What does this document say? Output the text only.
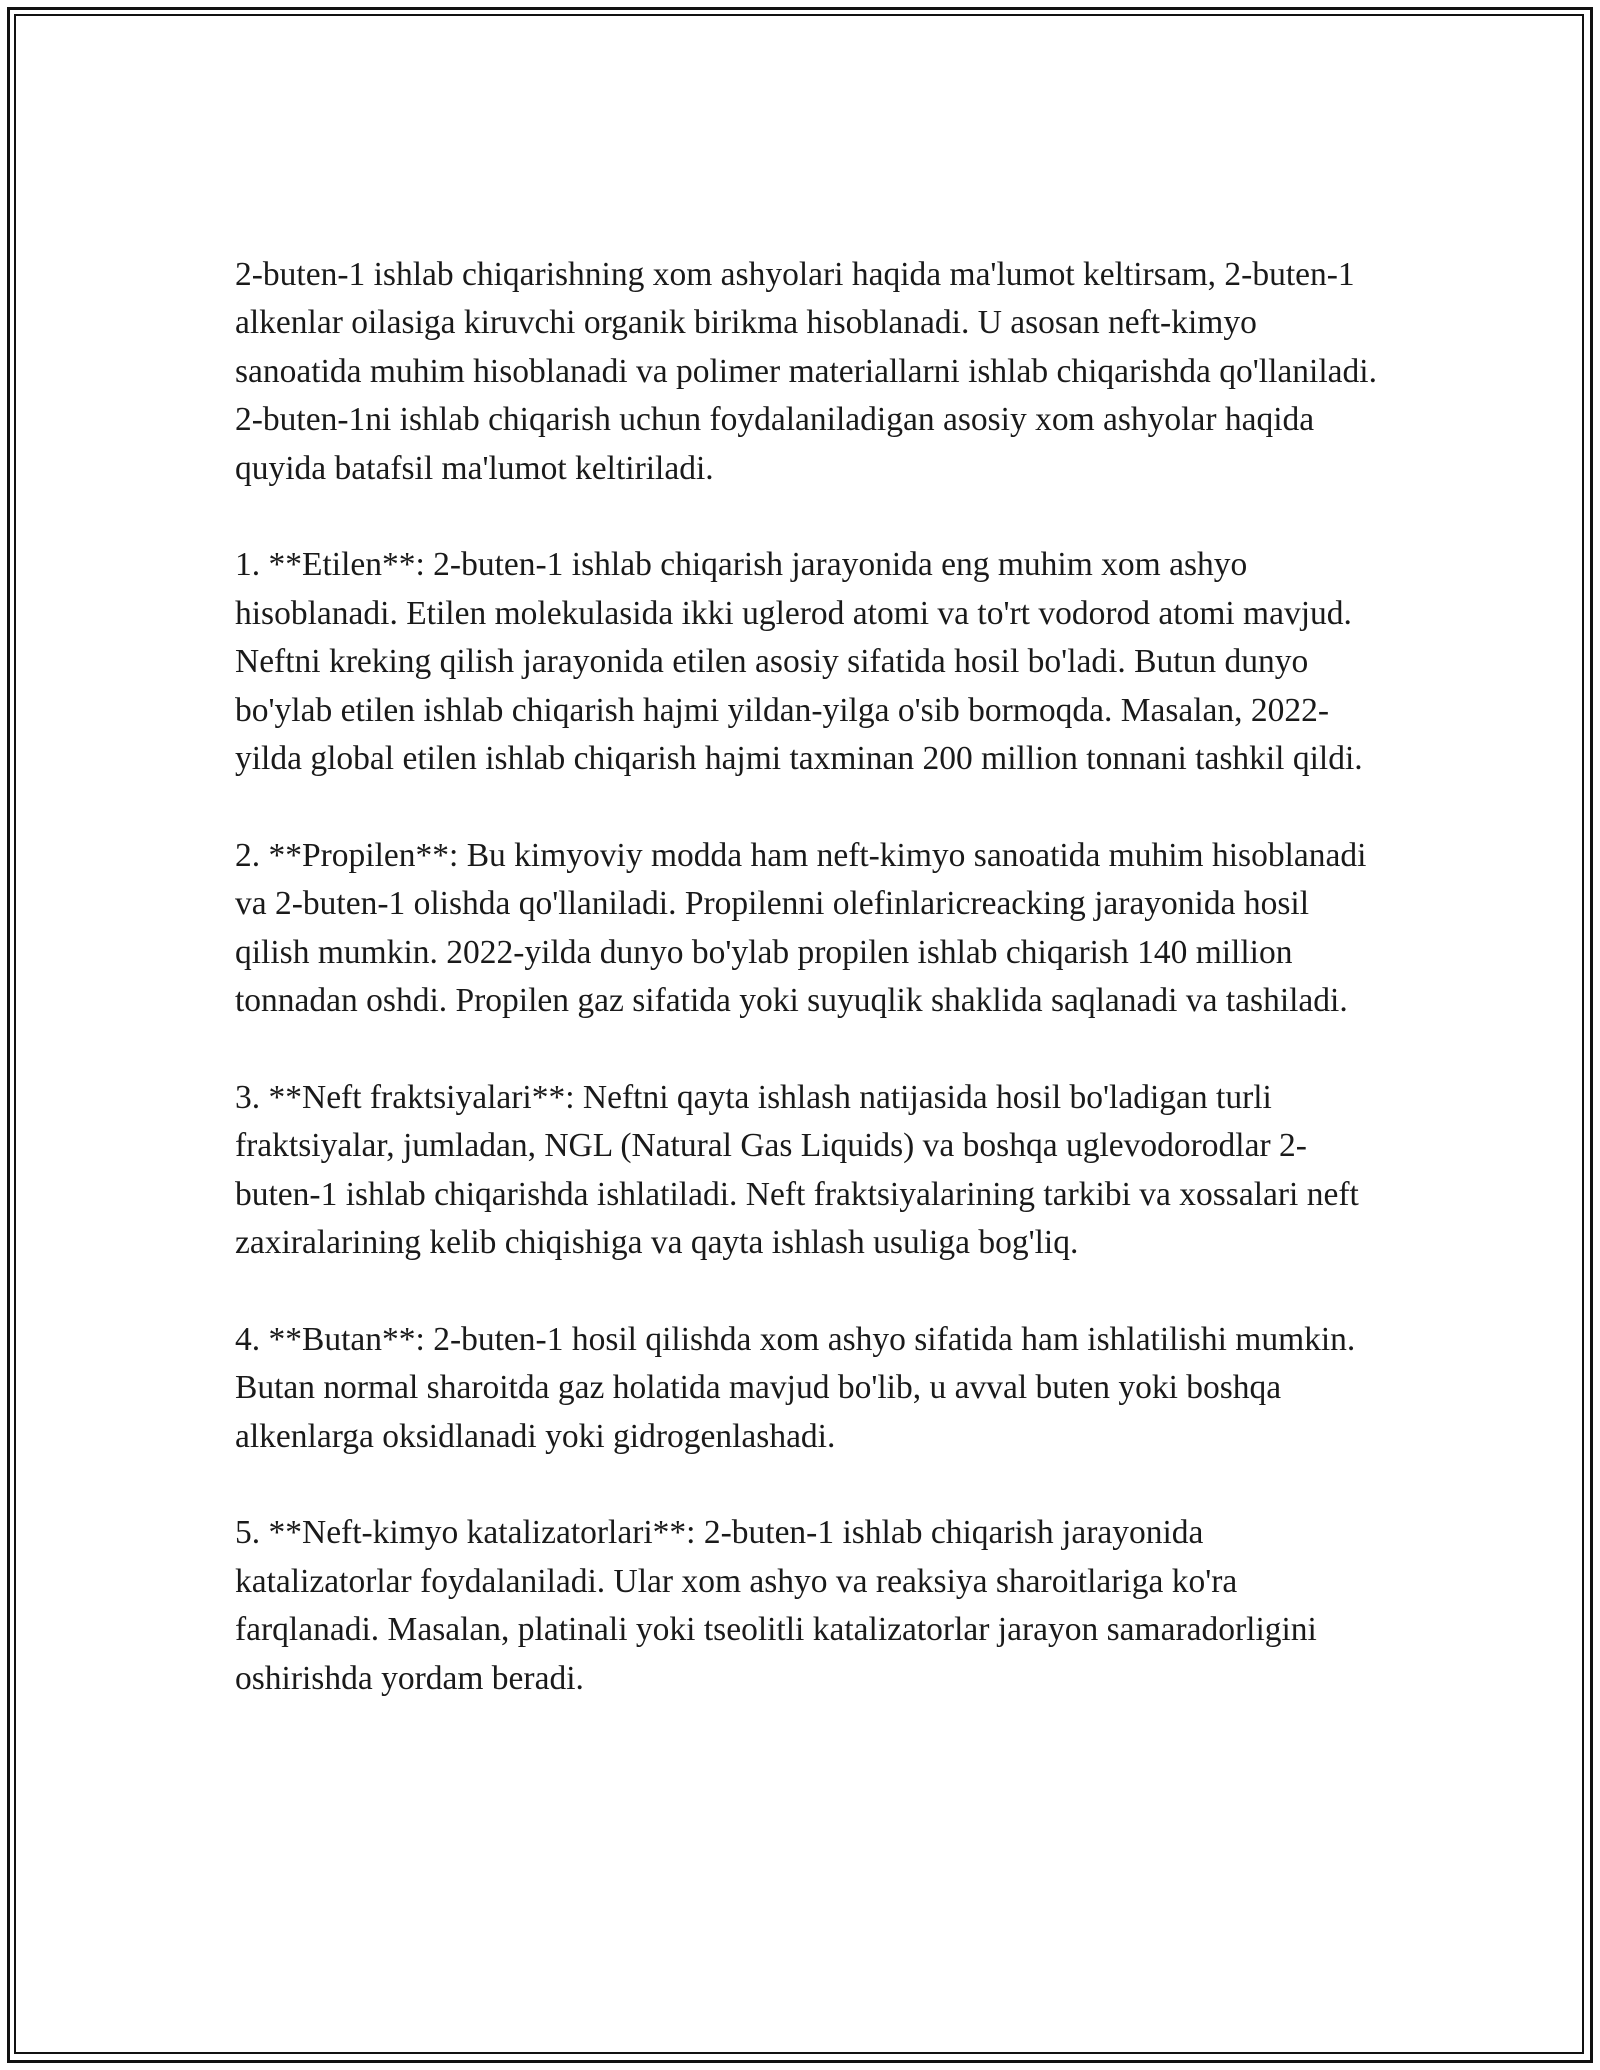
2-buten-1 ishlab chiqarishning xom ashyolari haqida ma'lumot keltirsam, 2-buten-1 alkenlar oilasiga kiruvchi organik birikma hisoblanadi. U asosan neft-kimyo sanoatida muhim hisoblanadi va polimer materiallarni ishlab chiqarishda qo'llaniladi. 2-buten-1ni ishlab chiqarish uchun foydalaniladigan asosiy xom ashyolar haqida quyida batafsil ma'lumot keltiriladi.

1. **Etilen**: 2-buten-1 ishlab chiqarish jarayonida eng muhim xom ashyo hisoblanadi. Etilen molekulasida ikki uglerod atomi va to'rt vodorod atomi mavjud. Neftni kreking qilish jarayonida etilen asosiy sifatida hosil bo'ladi. Butun dunyo bo'ylab etilen ishlab chiqarish hajmi yildan-yilga o'sib bormoqda. Masalan, 2022-yilda global etilen ishlab chiqarish hajmi taxminan 200 million tonnani tashkil qildi.

2. **Propilen**: Bu kimyoviy modda ham neft-kimyo sanoatida muhim hisoblanadi va 2-buten-1 olishda qo'llaniladi. Propilenni olefinlaricreacking jarayonida hosil qilish mumkin. 2022-yilda dunyo bo'ylab propilen ishlab chiqarish 140 million tonnadan oshdi. Propilen gaz sifatida yoki suyuqlik shaklida saqlanadi va tashiladi.

3. **Neft fraktsiyalari**: Neftni qayta ishlash natijasida hosil bo'ladigan turli fraktsiyalar, jumladan, NGL (Natural Gas Liquids) va boshqa uglevodorodlar 2-buten-1 ishlab chiqarishda ishlatiladi. Neft fraktsiyalarining tarkibi va xossalari neft zaxiralarining kelib chiqishiga va qayta ishlash usuliga bog'liq.

4. **Butan**: 2-buten-1 hosil qilishda xom ashyo sifatida ham ishlatilishi mumkin. Butan normal sharoitda gaz holatida mavjud bo'lib, u avval buten yoki boshqa alkenlarga oksidlanadi yoki gidrogenlashadi.

5. **Neft-kimyo katalizatorlari**: 2-buten-1 ishlab chiqarish jarayonida katalizatorlar foydalaniladi. Ular xom ashyo va reaksiya sharoitlariga ko'ra farqlanadi. Masalan, platinali yoki tseolitli katalizatorlar jarayon samaradorligini oshirishda yordam beradi.
